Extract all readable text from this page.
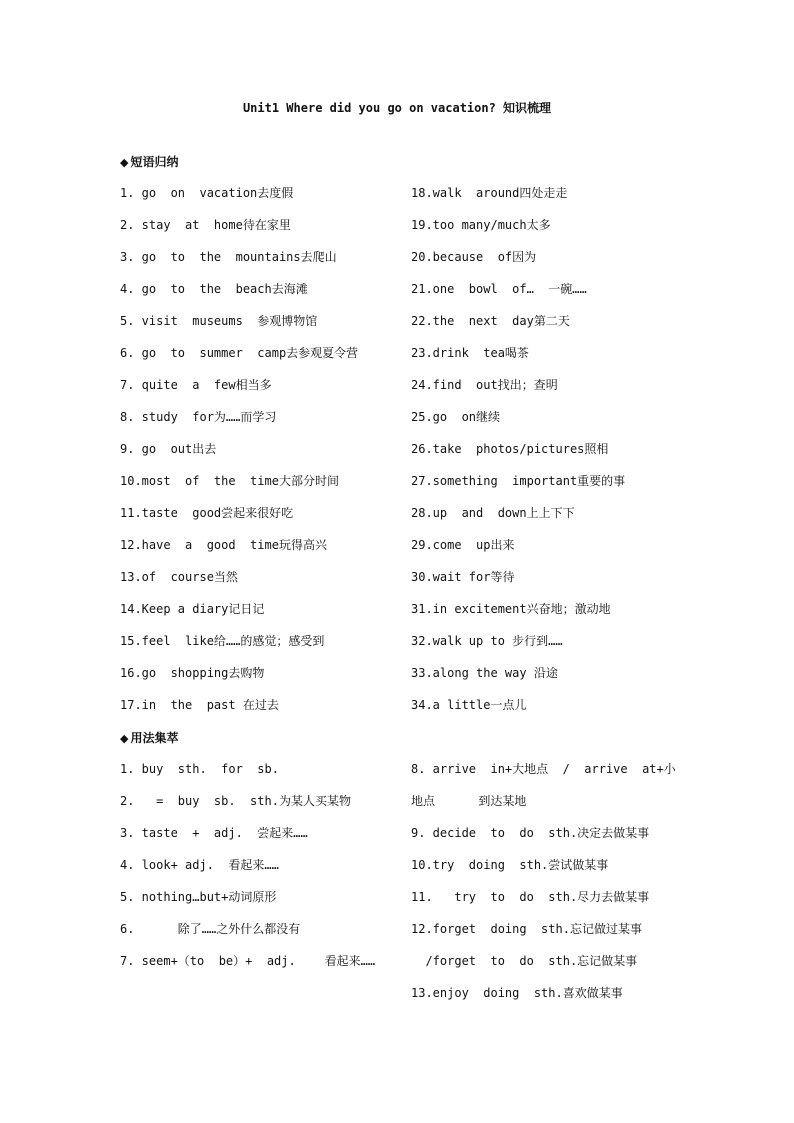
Unit1 Where did you go on vacation? 知识梳理
◆ 短语归纳
1. go  on  vacation去度假
2. stay  at  home待在家里
3. go  to  the  mountains去爬山
4. go  to  the  beach去海滩
5. visit  museums  参观博物馆
6. go  to  summer  camp去参观夏令营
7. quite  a  few相当多
8. study  for为……而学习
9. go  out出去
10.most  of  the  time大部分时间
11.taste  good尝起来很好吃
12.have  a  good  time玩得高兴
13.of  course当然
14.Keep a diary记日记
15.feel  like给……的感觉；感受到
16.go  shopping去购物
17.in  the  past 在过去
18.walk  around四处走走
19.too many/much太多
20.because  of因为
21.one  bowl  of…  一碗……
22.the  next  day第二天
23.drink  tea喝茶
24.find  out找出；查明
25.go  on继续
26.take  photos/pictures照相
27.something  important重要的事
28.up  and  down上上下下
29.come  up出来
30.wait for等待
31.in excitement兴奋地；激动地
32.walk up to 步行到……
33.along the way 沿途
34.a little一点儿
◆ 用法集萃
1. buy  sth.  for  sb.
2.   =  buy  sb.  sth.为某人买某物
3. taste  +  adj.  尝起来……
4. look+ adj.  看起来……
5. nothing…but+动词原形
6.      除了……之外什么都没有
7. seem+（to  be）+  adj.    看起来……
8. arrive  in+大地点  /  arrive  at+小
地点      到达某地
9. decide  to  do  sth.决定去做某事
10.try  doing  sth.尝试做某事
11.   try  to  do  sth.尽力去做某事
12.forget  doing  sth.忘记做过某事
/forget  to  do  sth.忘记做某事
13.enjoy  doing  sth.喜欢做某事
